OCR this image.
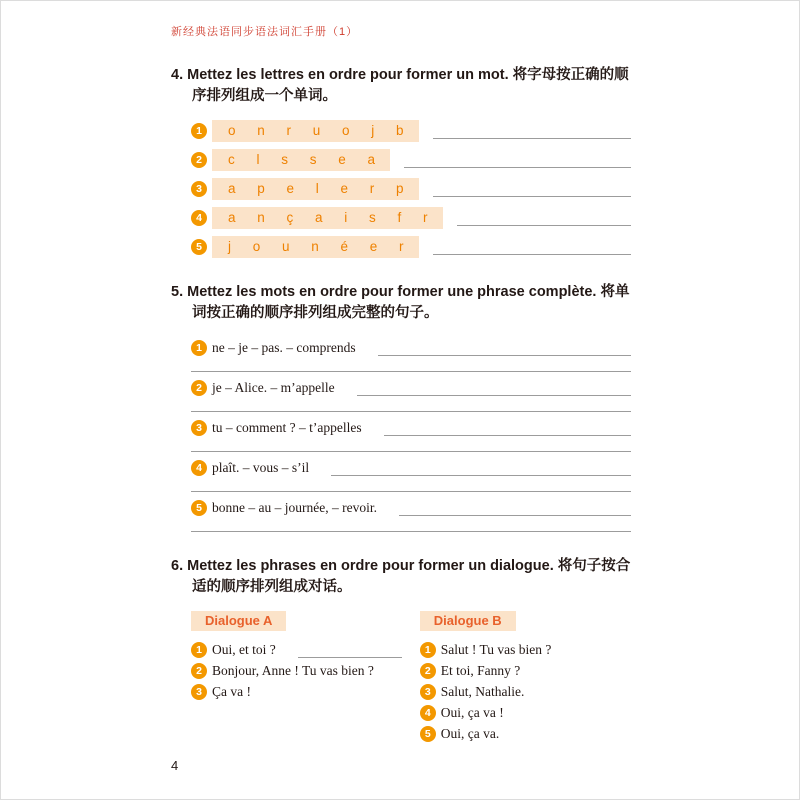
新经典法语同步语法词汇手册（1）
4. Mettez les lettres en ordre pour former un mot. 将字母按正确的顺序排列组成一个单词。
1	o n r u o j b
2	c l s s e a
3	a p e l e r p
4	a n ç a i s f r
5	j o u n é e r
5. Mettez les mots en ordre pour former une phrase complète. 将单词按正确的顺序排列组成完整的句子。
1 ne – je – pas. – comprends
2 je – Alice. – m’appelle
3 tu – comment ? – t’appelles
4 plaît. – vous – s’il
5 bonne – au – journée, – revoir.
6. Mettez les phrases en ordre pour former un dialogue. 将句子按合适的顺序排列组成对话。
Dialogue A
1 Oui, et toi ?
2 Bonjour, Anne ! Tu vas bien ?
3 Ça va !
Dialogue B
1 Salut ! Tu vas bien ?
2 Et toi, Fanny ?
3 Salut, Nathalie.
4 Oui, ça va !
5 Oui, ça va.
4
